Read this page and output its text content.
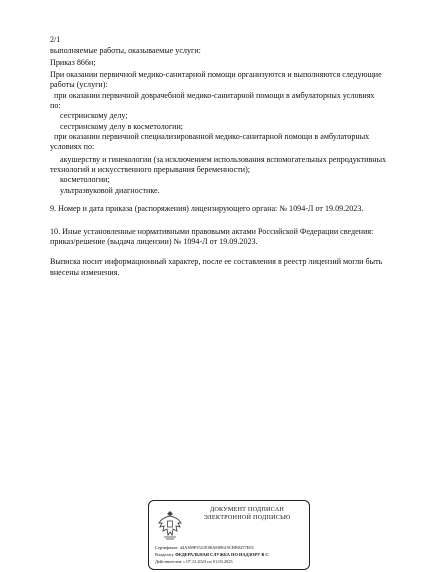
2/1
выполняемые работы, оказываемые услуги:
Приказ 866н;
При оказании первичной медико-санитарной помощи организуются и выполняются следующие
работы (услуги):
при оказании первичной доврачебной медико-санитарной помощи в амбулаторных условиях
по:
сестринскому делу;
сестринскому делу в косметологии;
при оказании первичной специализированной медико-санитарной помощи в амбулаторных
условиях по:
акушерству и гинекологии (за исключением использования вспомогательных репродуктивных
технологий и искусственного прерывания беременности);
косметологии;
ультразвуковой диагностике.
9. Номер и дата приказа (распоряжения) лицензирующего органа: № 1094-Л от 19.09.2023.
10. Иные установленные нормативными правовыми актами Российской Федерации сведения:
приказ/решение (выдача лицензии) № 1094-Л от 19.09.2023.
Выписка носит информационный характер, после ее составления в реестр лицензий могли быть
внесены изменения.
ДОКУМЕНТ ПОДПИСАН
ЭЛЕКТРОННОЙ ПОДПИСЬЮ
Сертификат: 44A369F5521E08AE08610CBB0257E03
Владелец: ФЕДЕРАЛЬНАЯ СЛУЖБА ПО НАДЗОРУ В С
Действителен: с 07.12.2023 по 01.03.2025
